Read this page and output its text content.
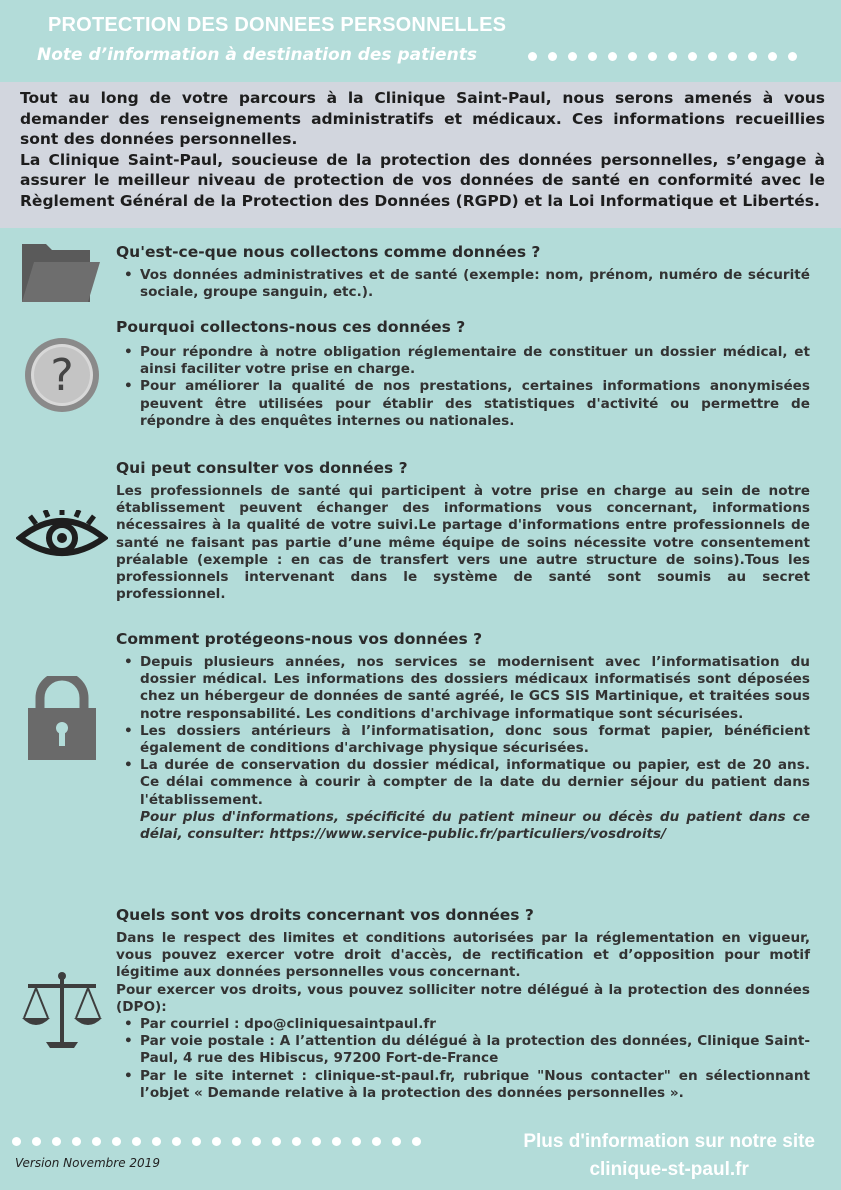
PROTECTION DES DONNEES PERSONNELLES
Note d’information à destination des patients

Tout au long de votre parcours à la Clinique Saint-Paul, nous serons amenés à vous demander des renseignements administratifs et médicaux. Ces informations recueillies sont des données personnelles.

La Clinique Saint-Paul, soucieuse de la protection des données personnelles, s’engage à assurer le meilleur niveau de protection de vos données de santé en conformité avec le Règlement Général de la Protection des Données (RGPD) et la Loi Informatique et Libertés.

?
Qu'est-ce-que nous collectons comme données ?
• Vos données administratives et de santé (exemple: nom, prénom, numéro de sécurité sociale, groupe sanguin, etc.).
Pourquoi collectons-nous ces données ?
• Pour répondre à notre obligation réglementaire de constituer un dossier médical, et ainsi faciliter votre prise en charge.
• Pour améliorer la qualité de nos prestations, certaines informations anonymisées peuvent être utilisées pour établir des statistiques d'activité ou permettre de répondre à des enquêtes internes ou nationales.
Qui peut consulter vos données ?

Les professionnels de santé qui participent à votre prise en charge au sein de notre établissement peuvent échanger des informations vous concernant, informations nécessaires à la qualité de votre suivi.Le partage d'informations entre professionnels de santé ne faisant pas partie d’une même équipe de soins nécessite votre consentement préalable (exemple : en cas de transfert vers une autre structure de soins).Tous les professionnels intervenant dans le système de santé sont soumis au secret professionnel.

Comment protégeons-nous vos données ?
• Depuis plusieurs années, nos services se modernisent avec l’informatisation du dossier médical. Les informations des dossiers médicaux informatisés sont déposées chez un hébergeur de données de santé agréé, le GCS SIS Martinique, et traitées sous notre responsabilité. Les conditions d'archivage informatique sont sécurisées.
• Les dossiers antérieurs à l’informatisation, donc sous format papier, bénéficient également de conditions d'archivage physique sécurisées.
• La durée de conservation du dossier médical, informatique ou papier, est de 20 ans. Ce délai commence à courir à compter de la date du dernier séjour du patient dans l'établissement.

Pour plus d'informations, spécificité du patient mineur ou décès du patient dans ce délai, consulter: https://www.service-public.fr/particuliers/vosdroits/

Quels sont vos droits concernant vos données ?

Dans le respect des limites et conditions autorisées par la réglementation en vigueur, vous pouvez exercer votre droit d'accès, de rectification et d’opposition pour motif légitime aux données personnelles vous concernant.

Pour exercer vos droits, vous pouvez solliciter notre délégué à la protection des données (DPO):

• Par courriel : dpo@cliniquesaintpaul.fr
• Par voie postale : A l’attention du délégué à la protection des données, Clinique Saint-Paul, 4 rue des Hibiscus, 97200 Fort-de-France
• Par le site internet : clinique-st-paul.fr, rubrique "Nous contacter" en sélectionnant l’objet « Demande relative à la protection des données personnelles ».
Plus d'information sur notre site
clinique-st-paul.fr
Version Novembre 2019
